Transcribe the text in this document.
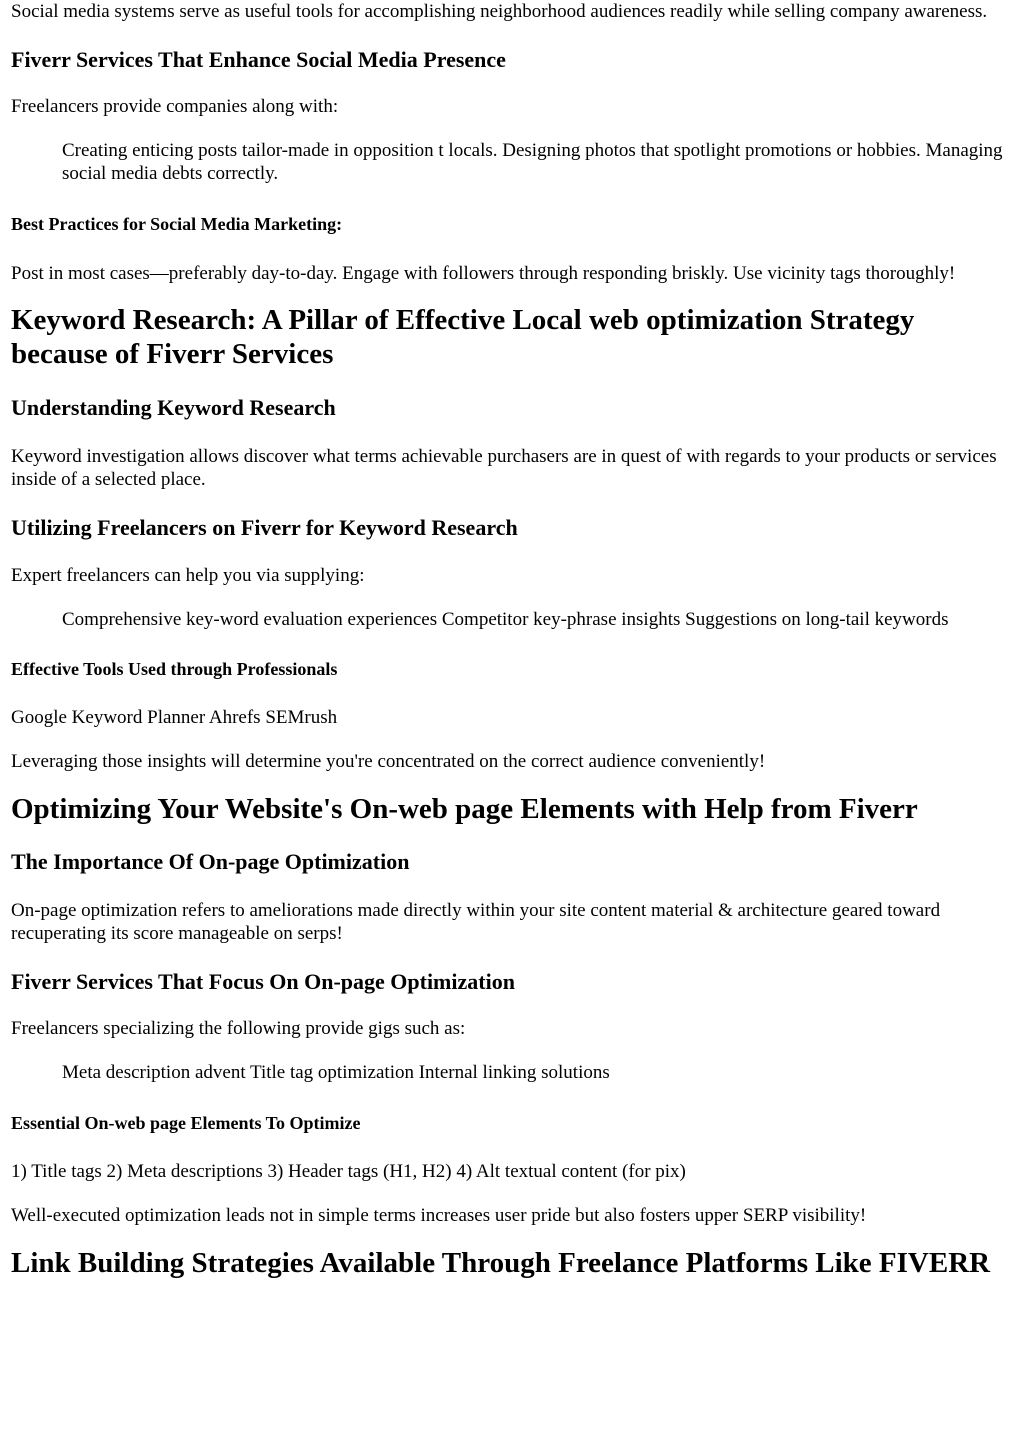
Social media systems serve as useful tools for accomplishing neighborhood audiences readily while selling company awareness.

Fiverr Services That Enhance Social Media Presence

Freelancers provide companies along with:

Creating enticing posts tailor-made in opposition t locals. Designing photos that spotlight promotions or hobbies. Managing social media debts correctly.

Best Practices for Social Media Marketing:

Post in most cases—preferably day-to-day. Engage with followers through responding briskly. Use vicinity tags thoroughly!

Keyword Research: A Pillar of Effective Local web optimization Strategy because of Fiverr Services
Understanding Keyword Research

Keyword investigation allows discover what terms achievable purchasers are in quest of with regards to your products or services inside of a selected place.

Utilizing Freelancers on Fiverr for Keyword Research

Expert freelancers can help you via supplying:

Comprehensive key-word evaluation experiences Competitor key-phrase insights Suggestions on long-tail keywords

Effective Tools Used through Professionals

Google Keyword Planner Ahrefs SEMrush

Leveraging those insights will determine you're concentrated on the correct audience conveniently!

Optimizing Your Website's On-web page Elements with Help from Fiverr
The Importance Of On-page Optimization

On-page optimization refers to ameliorations made directly within your site content material & architecture geared toward recuperating its score manageable on serps!

Fiverr Services That Focus On On-page Optimization

Freelancers specializing the following provide gigs such as:

Meta description advent Title tag optimization Internal linking solutions

Essential On-web page Elements To Optimize

1) Title tags 2) Meta descriptions 3) Header tags (H1, H2) 4) Alt textual content (for pix)

Well-executed optimization leads not in simple terms increases user pride but also fosters upper SERP visibility!

Link Building Strategies Available Through Freelance Platforms Like FIVERR
